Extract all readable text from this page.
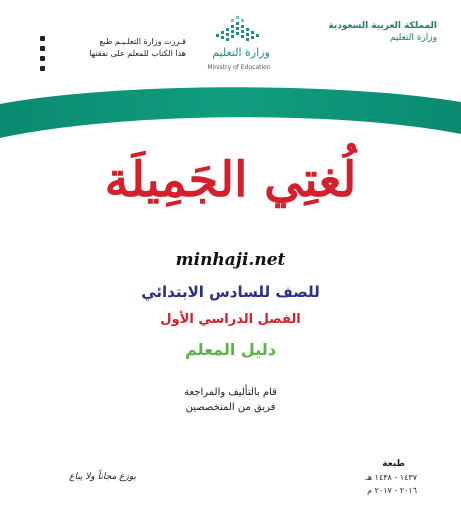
المملكة العربية السعودية
وزارة التعليم
وزارة التعليم
Ministry of Education
قـررت وزارة التعلـيـم طبع
هذا الكتاب للمعلم على نفقتها
لُغتِي الجَمِيلَة
minhaji.net
للصف للسادس الابتدائي
الفصل الدراسي الأول
دليل المعلم
قام بالتأليف والمراجعة
فريق من المتخصصين
طبعة
١٤٣٧ - ١٤٣٨ هـ
٢٠١٦ - ٢٠١٧ م
يوزع مجاناً ولا يباع
